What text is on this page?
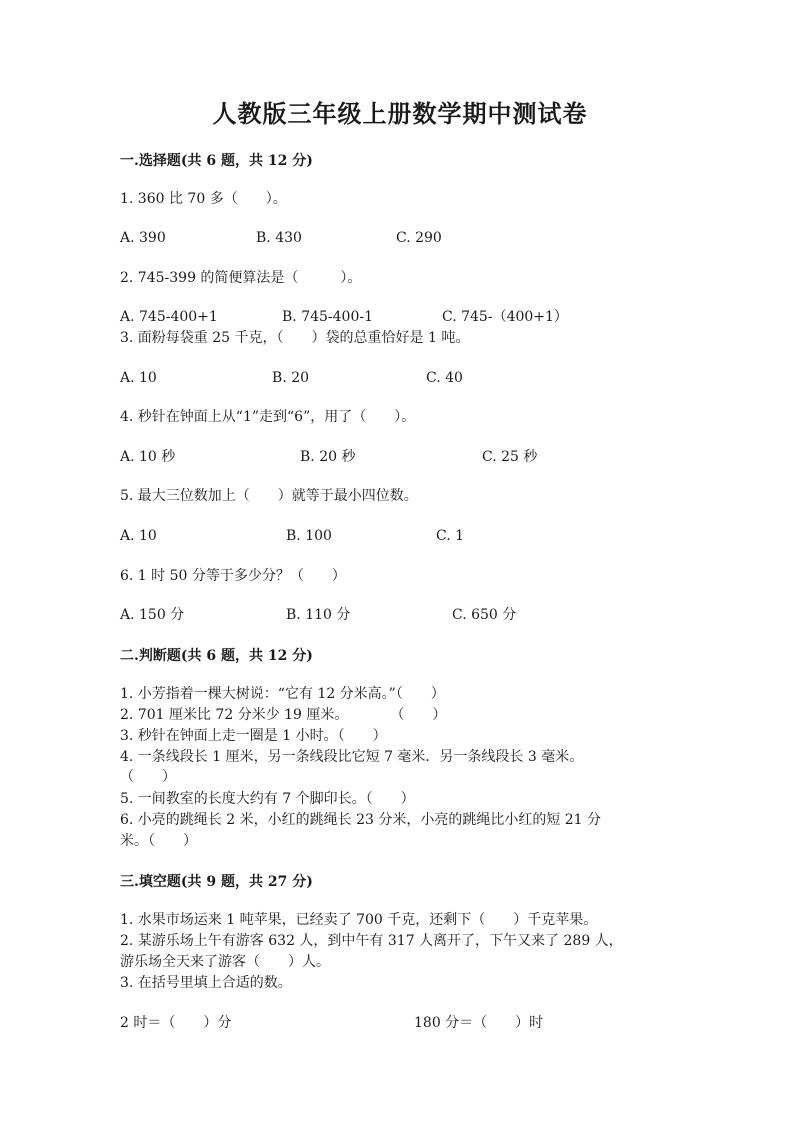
人教版三年级上册数学期中测试卷
一.选择题(共 6 题，共 12 分)
1. 360 比 70 多（　　）。
A. 390	B. 430	C. 290
2. 745-399 的简便算法是（　　　）。
A. 745-400+1	B. 745-400-1	C. 745-（400+1）
3. 面粉每袋重 25 千克，（　　）袋的总重恰好是 1 吨。
A. 10	B. 20	C. 40
4. 秒针在钟面上从“1”走到“6”，用了（　　）。
A. 10 秒	B. 20 秒	C. 25 秒
5. 最大三位数加上（　　）就等于最小四位数。
A. 10	B. 100	C. 1
6. 1 时 50 分等于多少分？（　　）
A. 150 分	B. 110 分	C. 650 分
二.判断题(共 6 题，共 12 分)
1. 小芳指着一棵大树说：“它有 12 分米高。”（　　）
2. 701 厘米比 72 分米少 19 厘米。　　　　（　　）
3. 秒针在钟面上走一圈是 1 小时。（　　）
4. 一条线段长 1 厘米，另一条线段比它短 7 毫米．另一条线段长 3 毫米。
（　　）
5. 一间教室的长度大约有 7 个脚印长。（　　）
6. 小亮的跳绳长 2 米，小红的跳绳长 23 分米，小亮的跳绳比小红的短 21 分
米。（　　）
三.填空题(共 9 题，共 27 分)
1. 水果市场运来 1 吨苹果，已经卖了 700 千克，还剩下（　　）千克苹果。
2. 某游乐场上午有游客 632 人，到中午有 317 人离开了，下午又来了 289 人，
游乐场全天来了游客（　　）人。
3. 在括号里填上合适的数。
2 时＝（　　）分	180 分＝（　　）时
